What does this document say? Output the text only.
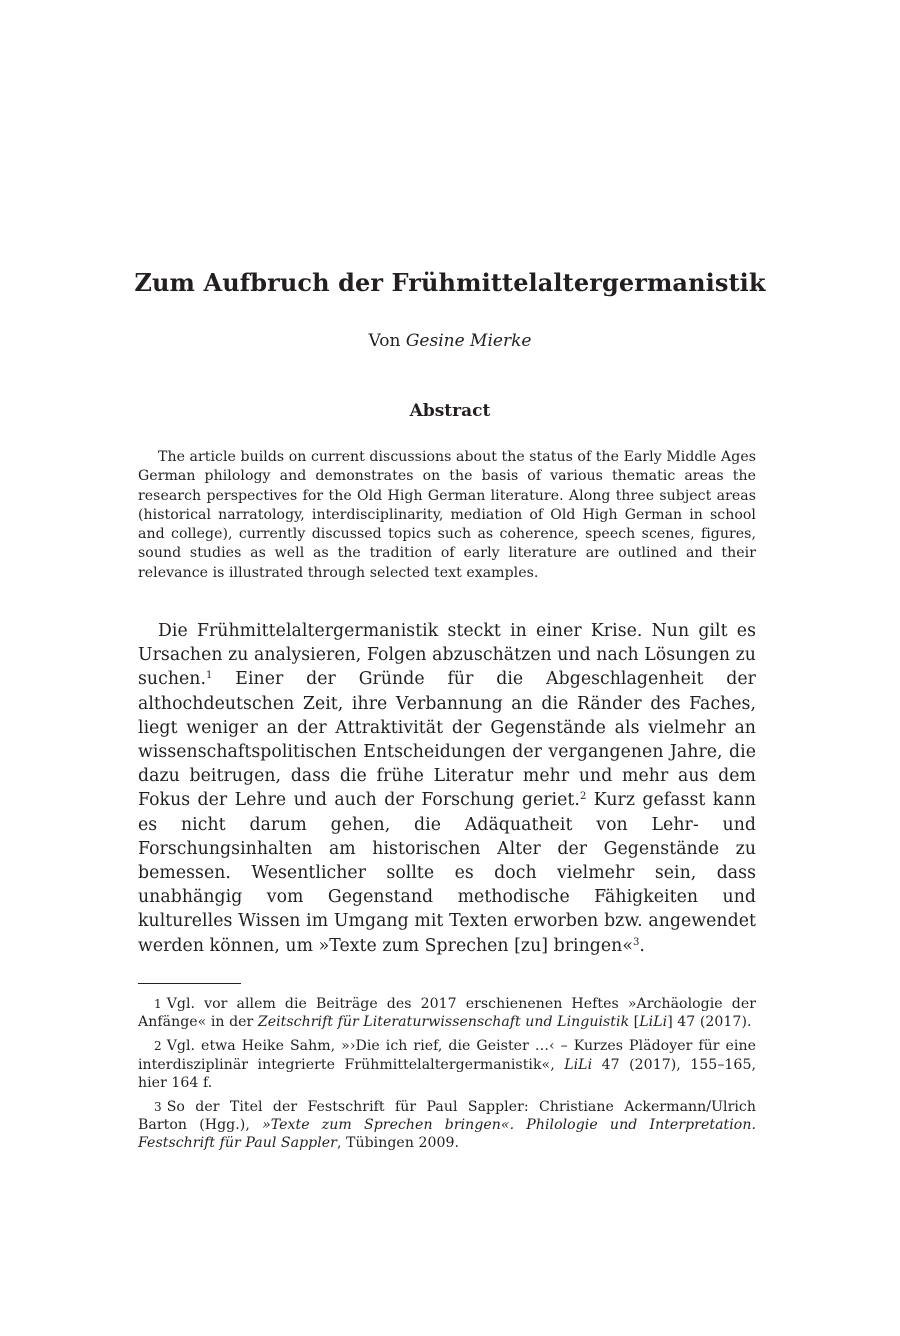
Zum Aufbruch der Frühmittelaltergermanistik
Von Gesine Mierke
Abstract

The article builds on current discussions about the status of the Early Middle Ages German philology and demonstrates on the basis of various thematic areas the research perspectives for the Old High German literature. Along three subject areas (historical narratology, interdisciplinarity, mediation of Old High German in school and college), currently discussed topics such as coherence, speech scenes, figures, sound studies as well as the tradition of early literature are outlined and their relevance is illustrated through selected text examples.

Die Frühmittelaltergermanistik steckt in einer Krise. Nun gilt es Ursachen zu analysieren, Folgen abzuschätzen und nach Lösungen zu suchen.$^1$ Einer der Gründe für die Abgeschlagenheit der althochdeutschen Zeit, ihre Verbannung an die Ränder des Faches, liegt weniger an der Attraktivität der Gegenstände als vielmehr an wissenschaftspolitischen Entscheidungen der vergangenen Jahre, die dazu beitrugen, dass die frühe Literatur mehr und mehr aus dem Fokus der Lehre und auch der Forschung geriet.$^2$ Kurz gefasst kann es nicht darum gehen, die Adäquatheit von Lehr- und Forschungsinhalten am historischen Alter der Gegenstände zu bemessen. Wesentlicher sollte es doch vielmehr sein, dass unabhängig vom Gegenstand methodische Fähigkeiten und kulturelles Wissen im Umgang mit Texten erworben bzw. angewendet werden können, um »Texte zum Sprechen [zu] bringen«$^3$.

1 Vgl. vor allem die Beiträge des 2017 erschienenen Heftes »Archäologie der Anfänge« in der Zeitschrift für Literaturwissenschaft und Linguistik [LiLi] 47 (2017).

2 Vgl. etwa Heike Sahm, »›Die ich rief, die Geister …‹ – Kurzes Plädoyer für eine interdisziplinär integrierte Frühmittelaltergermanistik«, LiLi 47 (2017), 155–165, hier 164 f.

3 So der Titel der Festschrift für Paul Sappler: Christiane Ackermann/Ulrich Barton (Hgg.), »Texte zum Sprechen bringen«. Philologie und Interpretation. Festschrift für Paul Sappler, Tübingen 2009.
